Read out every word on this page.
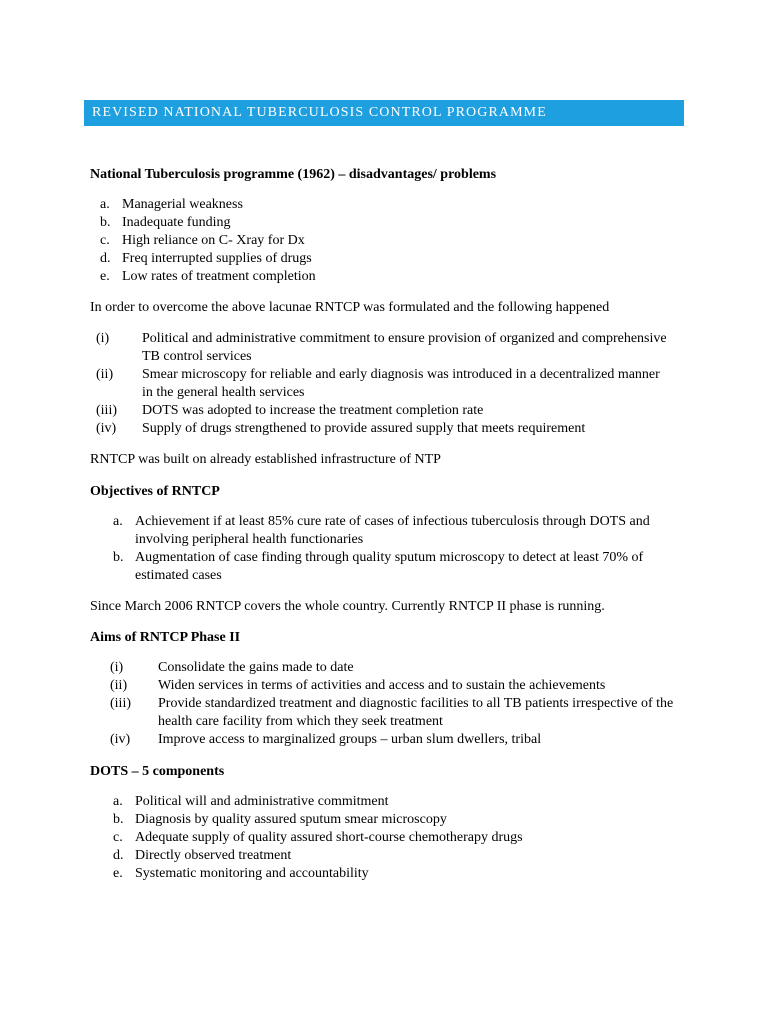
REVISED NATIONAL TUBERCULOSIS CONTROL PROGRAMME
National Tuberculosis programme (1962) – disadvantages/ problems
a. Managerial weakness
b. Inadequate funding
c. High reliance on C- Xray for Dx
d. Freq interrupted supplies of drugs
e. Low rates of treatment completion
In order to overcome the above lacunae RNTCP was formulated and the following happened
(i)	Political and administrative commitment to ensure provision of organized and comprehensive TB control services
(ii)	Smear microscopy for reliable and early diagnosis was introduced in a decentralized manner in the general health services
(iii)	DOTS was adopted to increase the treatment completion rate
(iv)	Supply of drugs strengthened to provide assured supply that meets requirement
RNTCP was built on already established infrastructure of NTP
Objectives of RNTCP
a. Achievement if at least 85% cure rate of cases of infectious tuberculosis through DOTS and involving peripheral health functionaries
b. Augmentation of case finding through quality sputum microscopy to detect at least 70% of estimated cases
Since March 2006 RNTCP covers the whole country. Currently RNTCP II phase is running.
Aims of RNTCP Phase II
(i)	Consolidate the gains made to date
(ii)	Widen services in terms of activities and access and to sustain the achievements
(iii)	Provide standardized treatment and diagnostic facilities to all TB patients irrespective of the health care facility from which they seek treatment
(iv)	Improve access to marginalized groups – urban slum dwellers, tribal
DOTS – 5 components
a. Political will and administrative commitment
b. Diagnosis by quality assured sputum smear microscopy
c. Adequate supply of quality assured short-course chemotherapy drugs
d. Directly observed treatment
e. Systematic monitoring and accountability
